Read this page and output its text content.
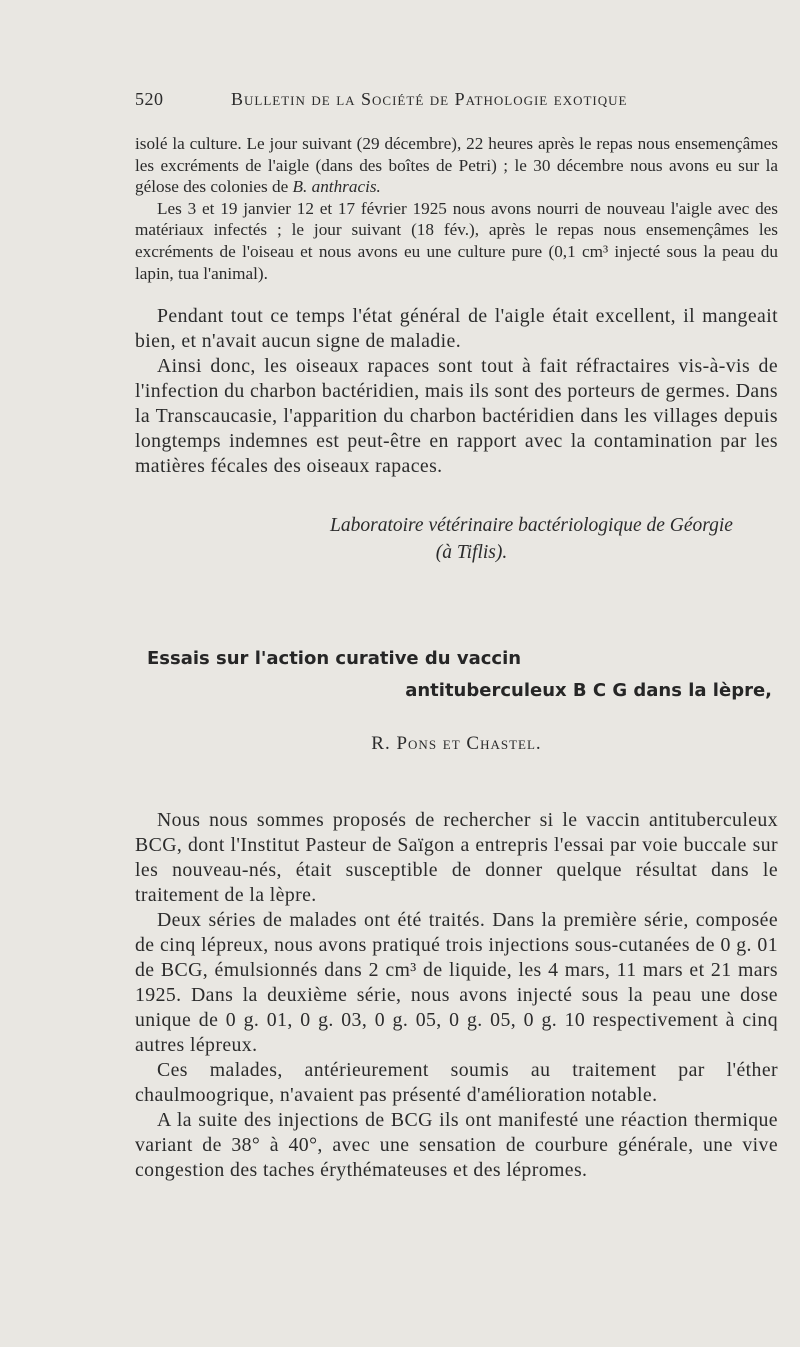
520	Bulletin de la Société de Pathologie exotique

isolé la culture. Le jour suivant (29 décembre), 22 heures après le repas nous ensemençâmes les excréments de l'aigle (dans des boîtes de Petri) ; le 30 décembre nous avons eu sur la gélose des colonies de B. anthracis.

Les 3 et 19 janvier 12 et 17 février 1925 nous avons nourri de nouveau l'aigle avec des matériaux infectés ; le jour suivant (18 fév.), après le repas nous ensemençâmes les excréments de l'oiseau et nous avons eu une culture pure (0,1 cm³ injecté sous la peau du lapin, tua l'animal).

Pendant tout ce temps l'état général de l'aigle était excellent, il mangeait bien, et n'avait aucun signe de maladie.

Ainsi donc, les oiseaux rapaces sont tout à fait réfractaires vis-à-vis de l'infection du charbon bactéridien, mais ils sont des porteurs de germes. Dans la Transcaucasie, l'apparition du charbon bactéridien dans les villages depuis longtemps indemnes est peut-être en rapport avec la contamination par les matières fécales des oiseaux rapaces.

Laboratoire vétérinaire bactériologique de Géorgie
(à Tiflis).
Essais sur l'action curative du vaccin
antituberculeux B C G dans la lèpre,
R. Pons et Chastel.

Nous nous sommes proposés de rechercher si le vaccin antituberculeux BCG, dont l'Institut Pasteur de Saïgon a entrepris l'essai par voie buccale sur les nouveau-nés, était susceptible de donner quelque résultat dans le traitement de la lèpre.

Deux séries de malades ont été traités. Dans la première série, composée de cinq lépreux, nous avons pratiqué trois injections sous-cutanées de 0 g. 01 de BCG, émulsionnés dans 2 cm³ de liquide, les 4 mars, 11 mars et 21 mars 1925. Dans la deuxième série, nous avons injecté sous la peau une dose unique de 0 g. 01, 0 g. 03, 0 g. 05, 0 g. 05, 0 g. 10 respectivement à cinq autres lépreux.

Ces malades, antérieurement soumis au traitement par l'éther chaulmoogrique, n'avaient pas présenté d'amélioration notable.

A la suite des injections de BCG ils ont manifesté une réaction thermique variant de 38° à 40°, avec une sensation de courbure générale, une vive congestion des taches érythémateuses et des lépromes.
